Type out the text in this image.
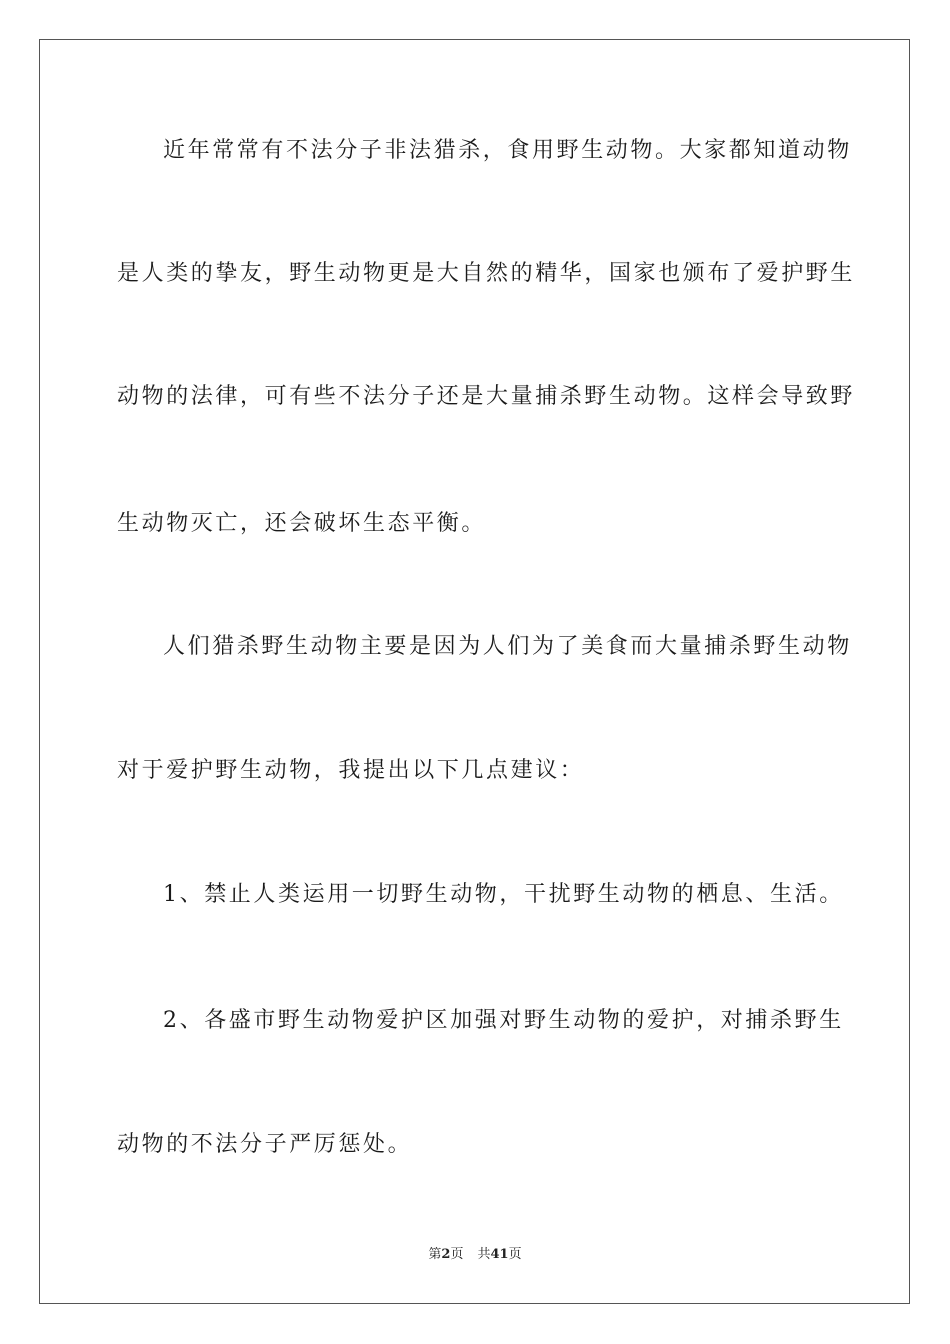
近年常常有不法分子非法猎杀，食用野生动物。大家都知道动物
是人类的挚友，野生动物更是大自然的精华，国家也颁布了爱护野生
动物的法律，可有些不法分子还是大量捕杀野生动物。这样会导致野
生动物灭亡，还会破坏生态平衡。
人们猎杀野生动物主要是因为人们为了美食而大量捕杀野生动物
对于爱护野生动物，我提出以下几点建议：
1、禁止人类运用一切野生动物，干扰野生动物的栖息、生活。
2、各盛市野生动物爱护区加强对野生动物的爱护，对捕杀野生
动物的不法分子严厉惩处。
第2页 共41页
